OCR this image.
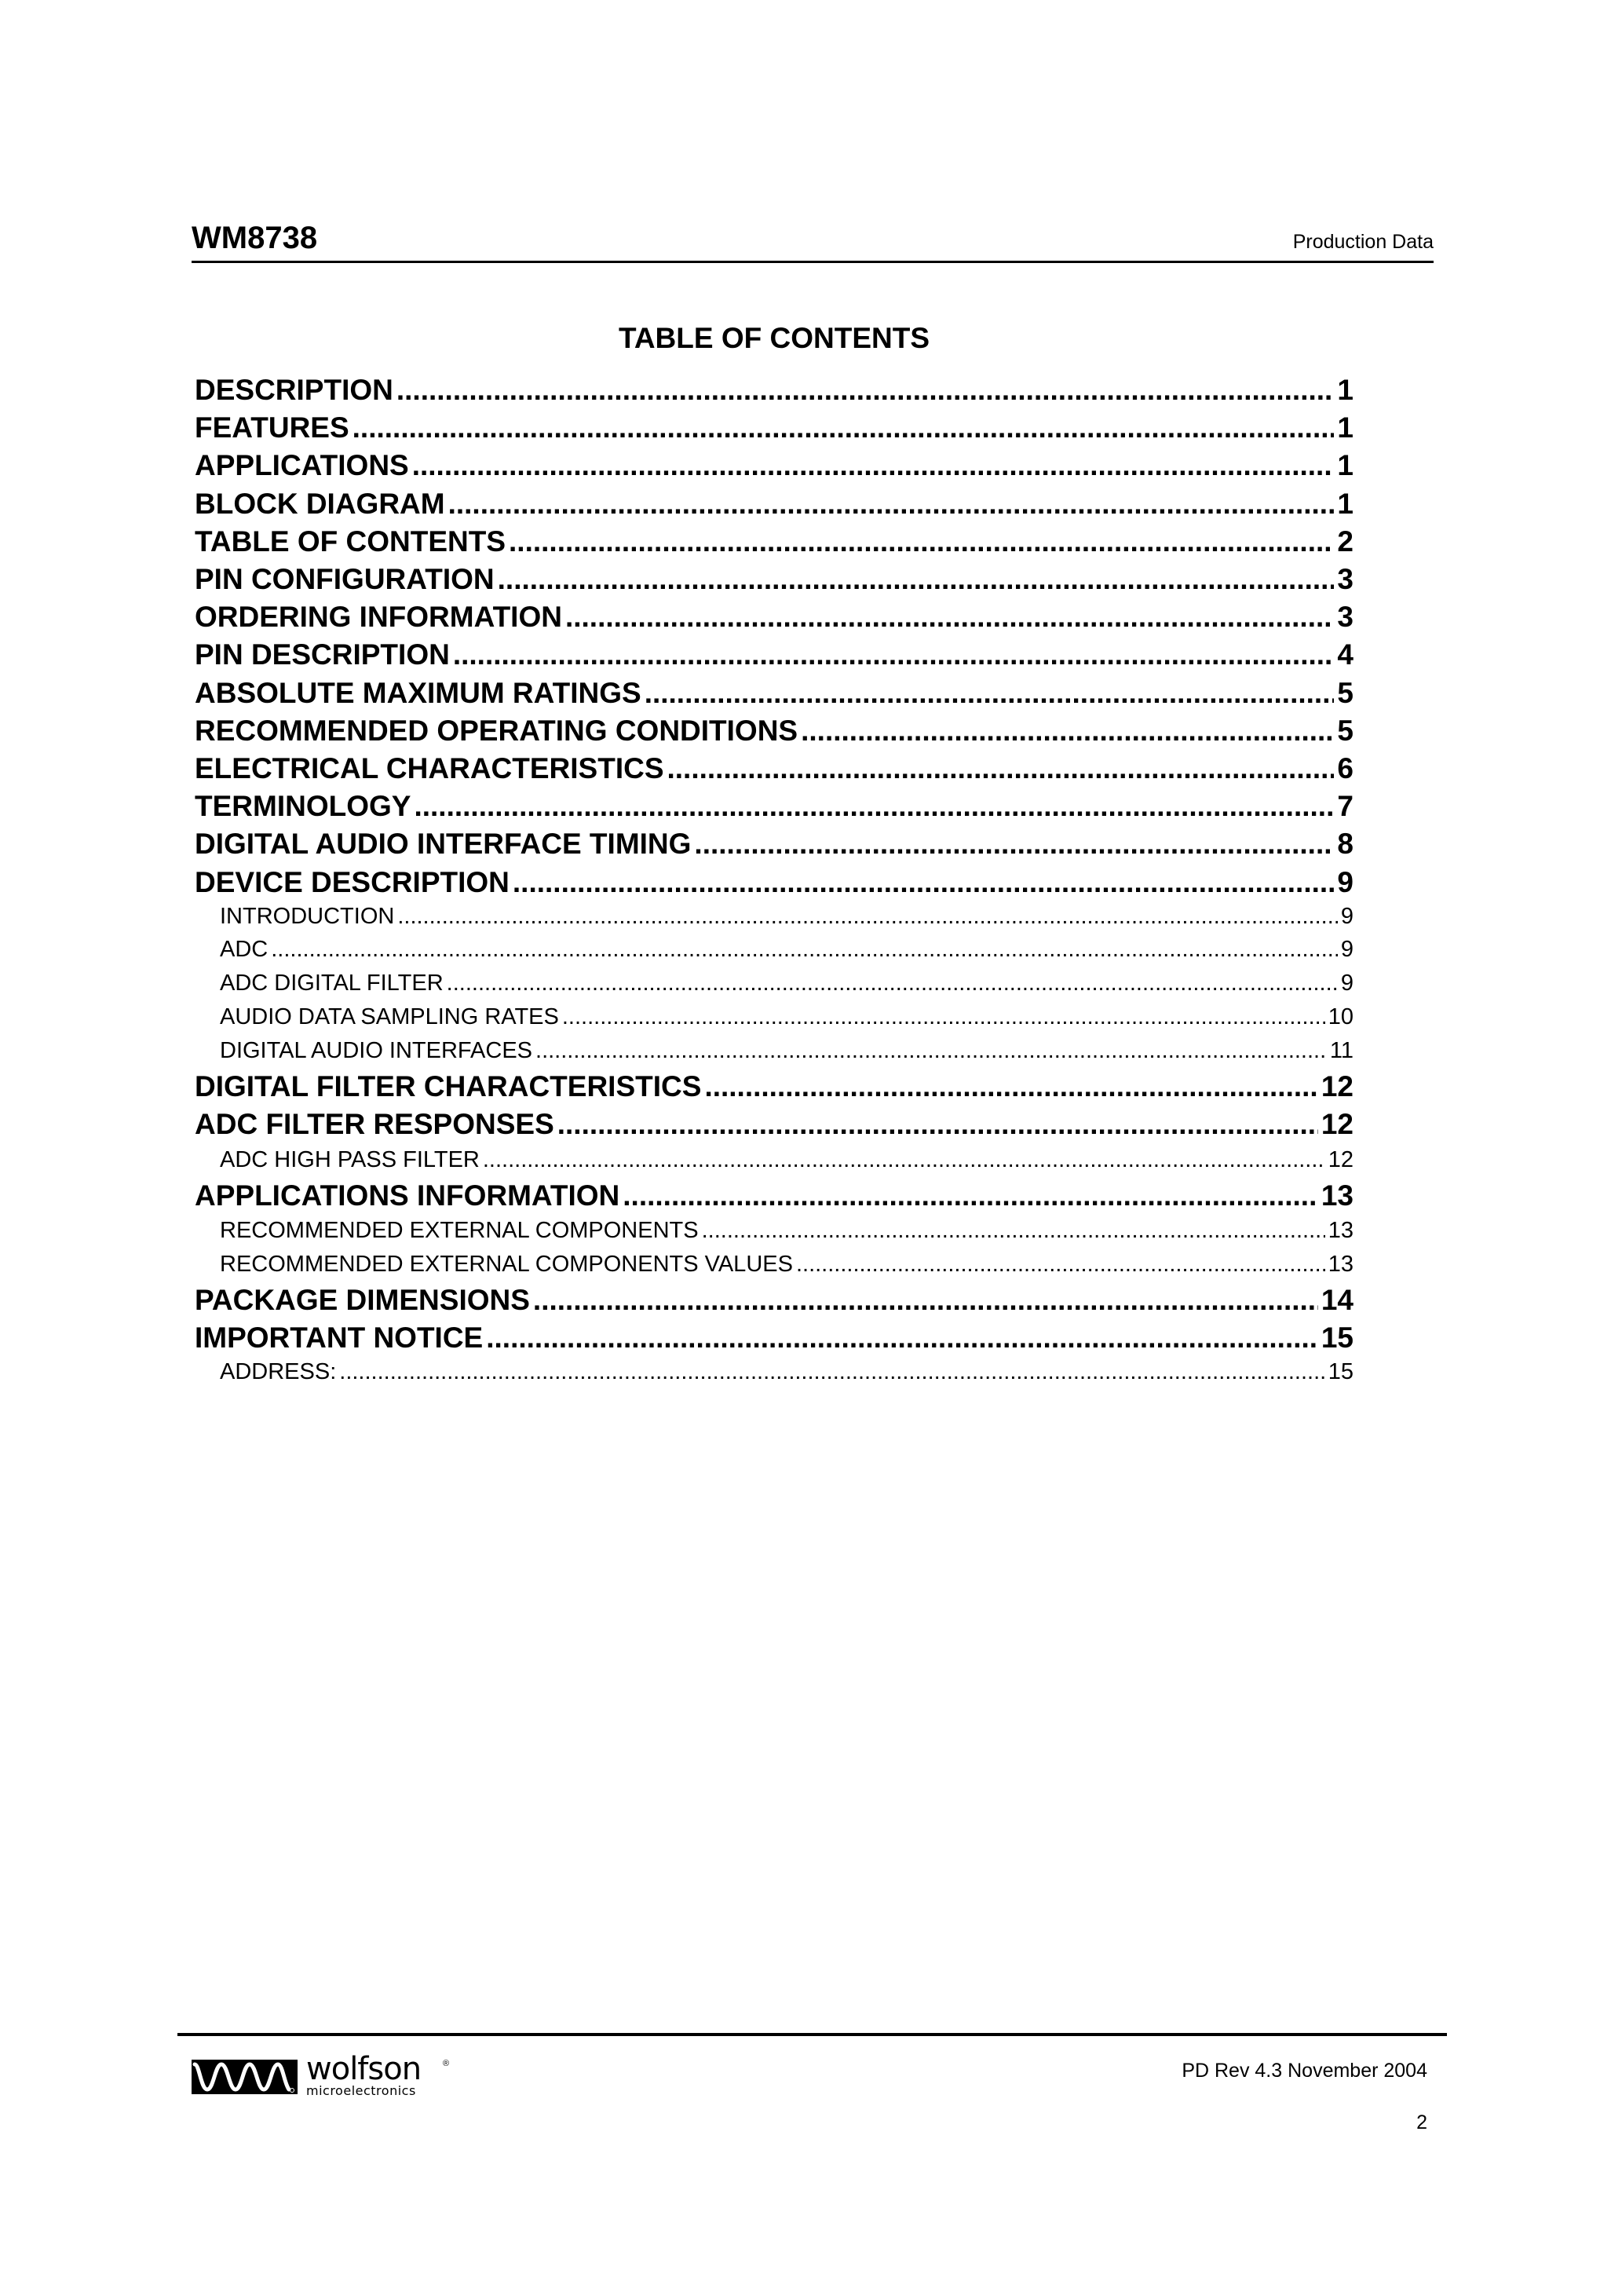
WM8738	Production Data
TABLE OF CONTENTS
DESCRIPTION .....	1
FEATURES .....	1
APPLICATIONS .....	1
BLOCK DIAGRAM .....	1
TABLE OF CONTENTS .....	2
PIN CONFIGURATION .....	3
ORDERING INFORMATION .....	3
PIN DESCRIPTION .....	4
ABSOLUTE MAXIMUM RATINGS .....	5
RECOMMENDED OPERATING CONDITIONS .....	5
ELECTRICAL CHARACTERISTICS .....	6
TERMINOLOGY .....	7
DIGITAL AUDIO INTERFACE TIMING .....	8
DEVICE DESCRIPTION .....	9
INTRODUCTION .....	9
ADC .....	9
ADC DIGITAL FILTER .....	9
AUDIO DATA SAMPLING RATES .....	10
DIGITAL AUDIO INTERFACES .....	11
DIGITAL FILTER CHARACTERISTICS .....	12
ADC FILTER RESPONSES .....	12
ADC HIGH PASS FILTER .....	12
APPLICATIONS INFORMATION .....	13
RECOMMENDED EXTERNAL COMPONENTS .....	13
RECOMMENDED EXTERNAL COMPONENTS VALUES .....	13
PACKAGE DIMENSIONS .....	14
IMPORTANT NOTICE .....	15
ADDRESS: .....	15
wolfson	®
microelectronics
PD Rev 4.3 November 2004
2
